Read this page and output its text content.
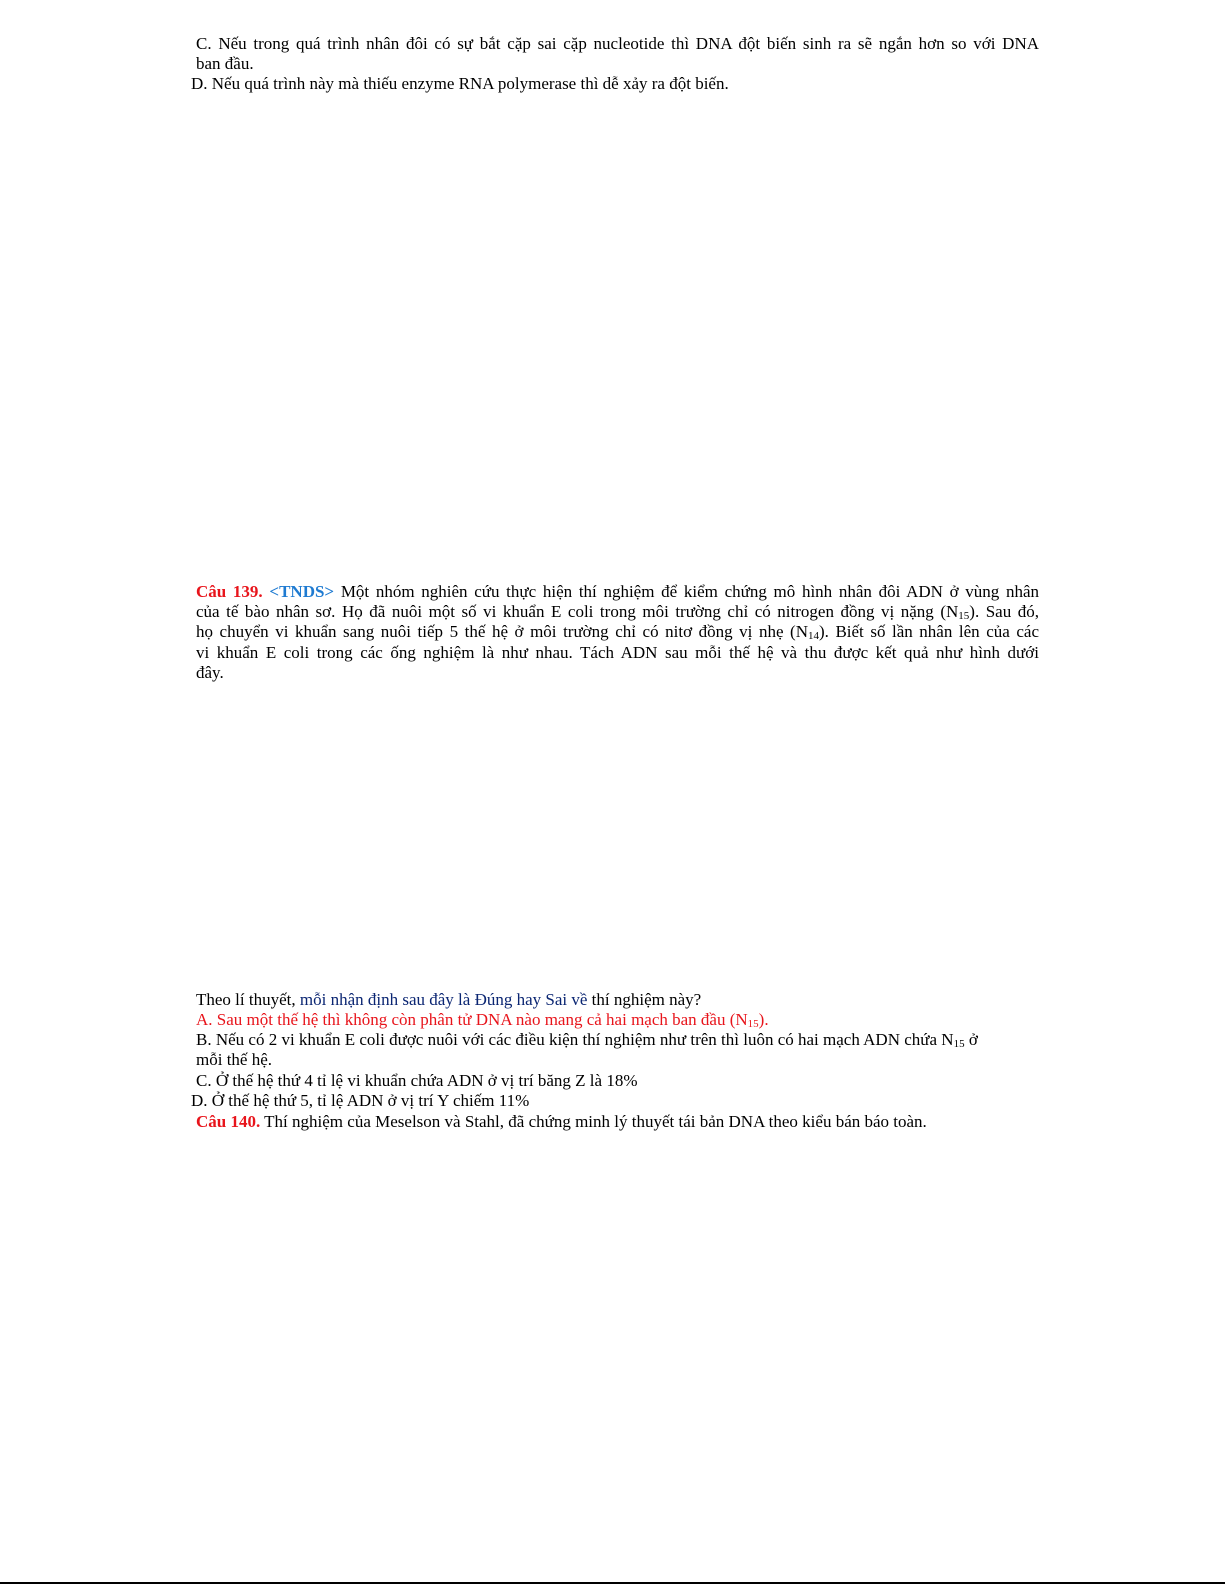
C. Nếu trong quá trình nhân đôi có sự bắt cặp sai cặp nucleotide thì DNA đột biến sinh ra sẽ ngắn hơn so với DNA
ban đầu.
D. Nếu quá trình này mà thiếu enzyme RNA polymerase thì dễ xảy ra đột biến.
Câu 139. <TNDS> Một nhóm nghiên cứu thực hiện thí nghiệm để kiểm chứng mô hình nhân đôi ADN ở vùng nhân
của tế bào nhân sơ. Họ đã nuôi một số vi khuẩn E coli trong môi trường chỉ có nitrogen đồng vị nặng (N15). Sau đó,
họ chuyển vi khuẩn sang nuôi tiếp 5 thế hệ ở môi trường chỉ có nitơ đồng vị nhẹ (N14). Biết số lần nhân lên của các
vi khuẩn E coli trong các ống nghiệm là như nhau. Tách ADN sau mỗi thế hệ và thu được kết quả như hình dưới
đây.
Theo lí thuyết, mỗi nhận định sau đây là Đúng hay Sai về thí nghiệm này?
A. Sau một thế hệ thì không còn phân tử DNA nào mang cả hai mạch ban đầu (N15).
B. Nếu có 2 vi khuẩn E coli được nuôi với các điều kiện thí nghiệm như trên thì luôn có hai mạch ADN chứa N15 ở
mỗi thế hệ.
C. Ở thế hệ thứ 4 tỉ lệ vi khuẩn chứa ADN ở vị trí băng Z là 18%
D. Ở thế hệ thứ 5, tỉ lệ ADN ở vị trí Y chiếm 11%
Câu 140. Thí nghiệm của Meselson và Stahl, đã chứng minh lý thuyết tái bản DNA theo kiểu bán báo toàn.
